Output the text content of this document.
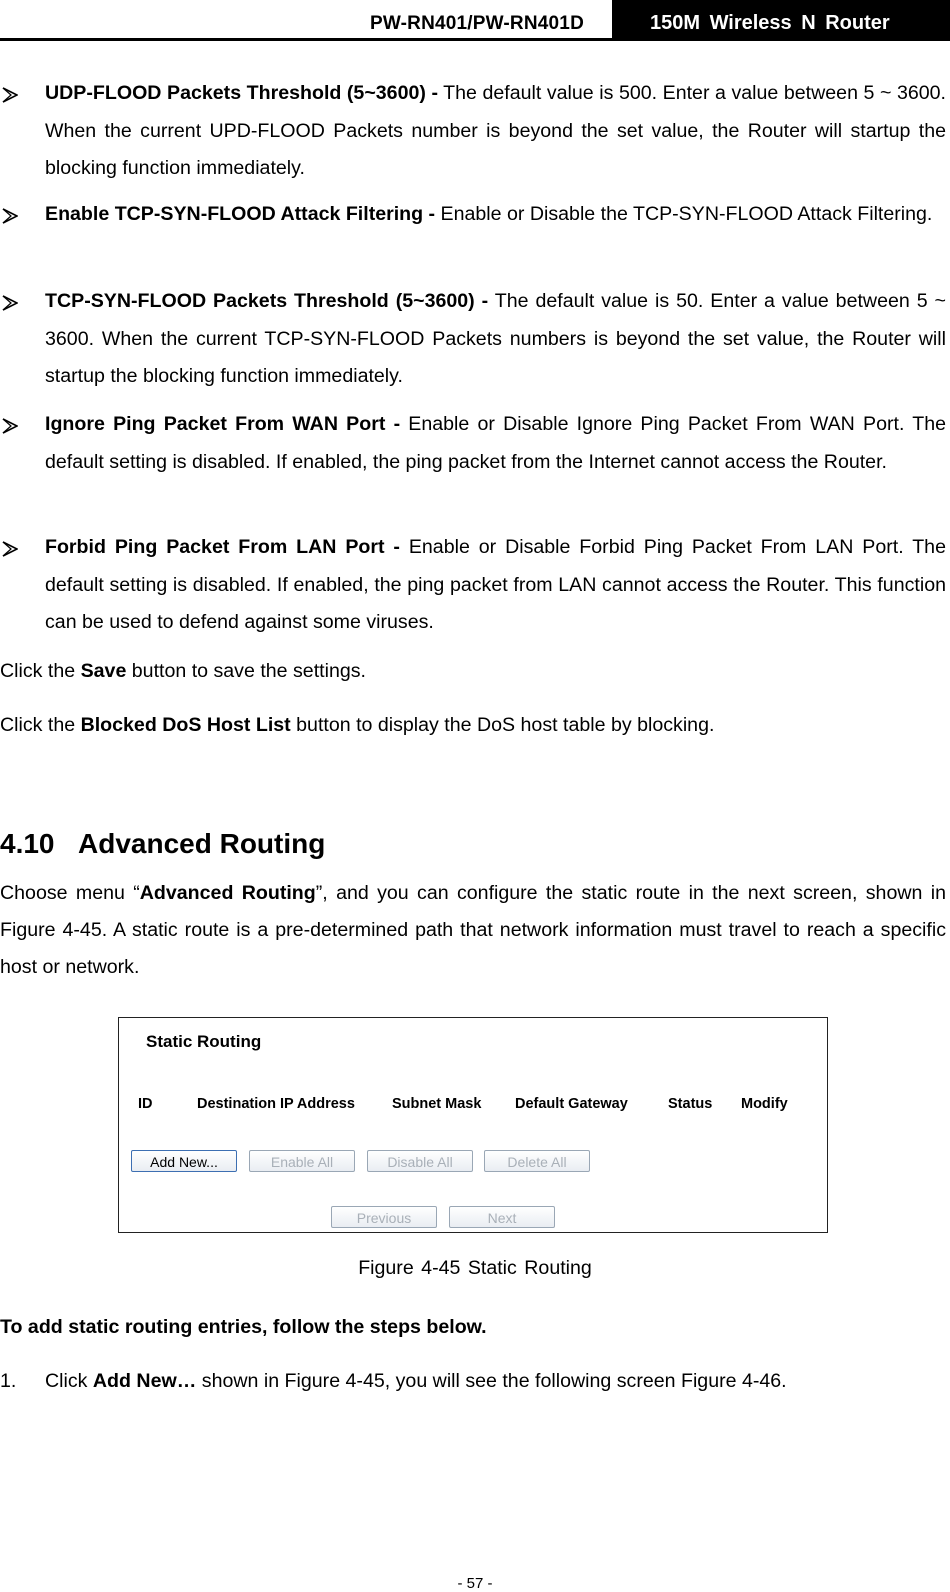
PW-RN401/PW-RN401D	150M Wireless N Router
UDP-FLOOD Packets Threshold (5~3600) - The default value is 500. Enter a value between 5 ~ 3600. When the current UPD-FLOOD Packets number is beyond the set value, the Router will startup the blocking function immediately.
Enable TCP-SYN-FLOOD Attack Filtering - Enable or Disable the TCP-SYN-FLOOD Attack Filtering.
TCP-SYN-FLOOD Packets Threshold (5~3600) - The default value is 50. Enter a value between 5 ~ 3600. When the current TCP-SYN-FLOOD Packets numbers is beyond the set value, the Router will startup the blocking function immediately.
Ignore Ping Packet From WAN Port - Enable or Disable Ignore Ping Packet From WAN Port. The default setting is disabled. If enabled, the ping packet from the Internet cannot access the Router.
Forbid Ping Packet From LAN Port - Enable or Disable Forbid Ping Packet From LAN Port. The default setting is disabled. If enabled, the ping packet from LAN cannot access the Router. This function can be used to defend against some viruses.
Click the Save button to save the settings.
Click the Blocked DoS Host List button to display the DoS host table by blocking.
4.10 Advanced Routing
Choose menu “Advanced Routing”, and you can configure the static route in the next screen, shown in Figure 4-45. A static route is a pre-determined path that network information must travel to reach a specific host or network.
Static Routing
ID	Destination IP Address	Subnet Mask Default Gateway	Status Modify
Add New...	Enable All	Disable All	Delete All
Previous	Next
Figure 4-45 Static Routing
To add static routing entries, follow the steps below.
1. Click Add New… shown in Figure 4-45, you will see the following screen Figure 4-46.
- 57 -
